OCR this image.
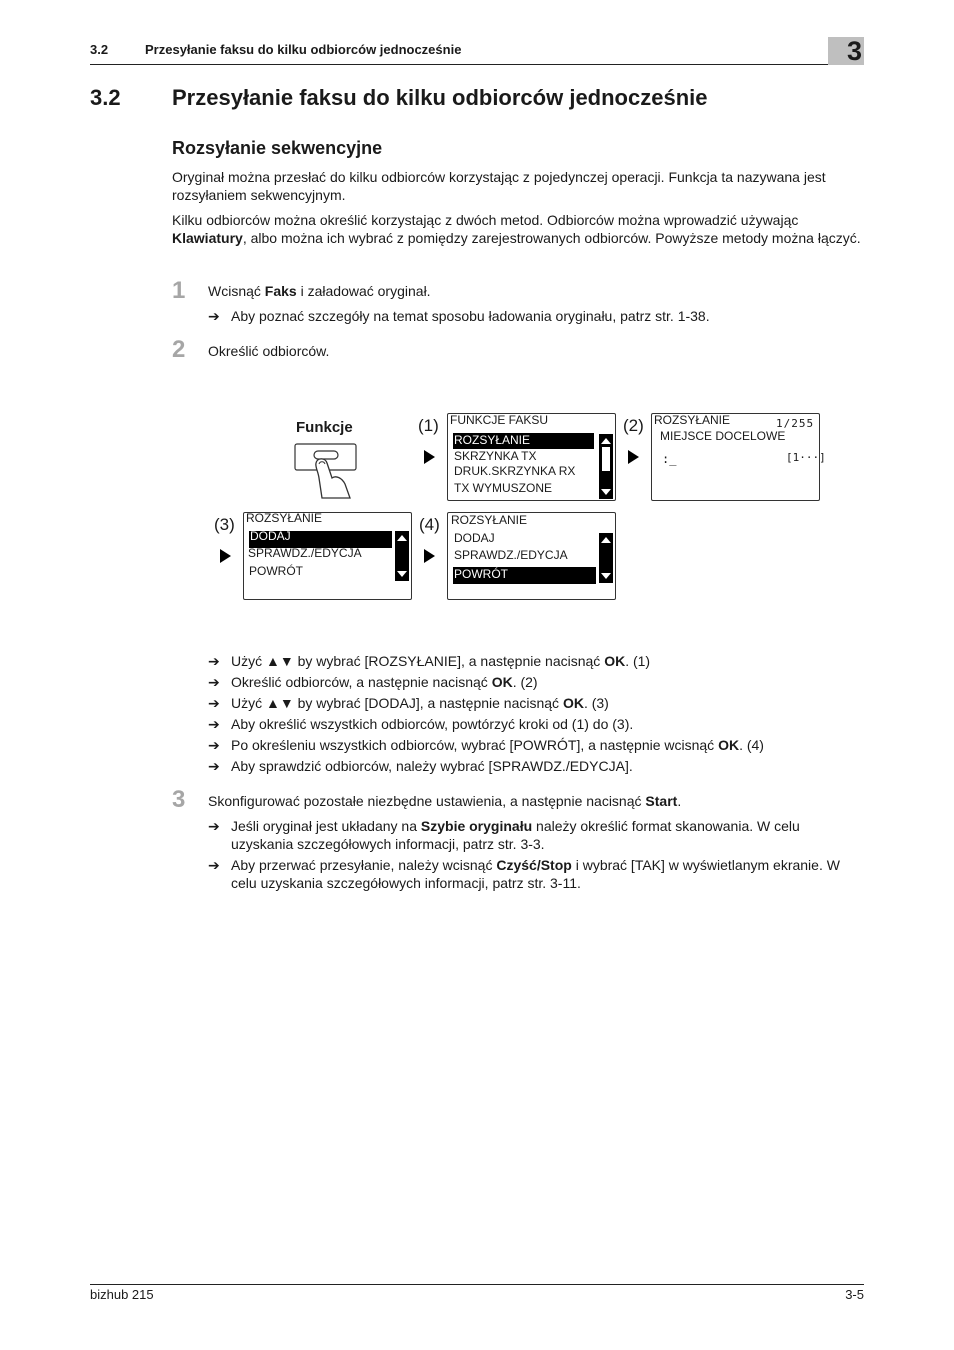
3.2	Przesyłanie faksu do kilku odbiorców jednocześnie	3
3.2 Przesyłanie faksu do kilku odbiorców jednocześnie
Rozsyłanie sekwencyjne
Oryginał można przesłać do kilku odbiorców korzystając z pojedynczej operacji. Funkcja ta nazywana jest rozsyłaniem sekwencyjnym.
Kilku odbiorców można określić korzystając z dwóch metod. Odbiorców można wprowadzić używając Klawiatury, albo można ich wybrać z pomiędzy zarejestrowanych odbiorców. Powyższe metody można łączyć.
1 Wcisnąć Faks i załadować oryginał.
➔ Aby poznać szczegóły na temat sposobu ładowania oryginału, patrz str. 1-38.
2 Określić odbiorców.
Funkcje	(1) FUNKCJE FAKSU
ROZSYŁANIE
SKRZYNKA TX
DRUK.SKRZYNKA RX
TX WYMUSZONE
(2) ROZSYŁANIE	1/255
MIEJSCE DOCELOWE
:_	[1···]
(3) ROZSYŁANIE
DODAJ
SPRAWDZ./EDYCJA
POWRÓT
(4) ROZSYŁANIE
DODAJ
SPRAWDZ./EDYCJA
POWRÓT
➔ Użyć ▲▼ by wybrać [ROZSYŁANIE], a następnie nacisnąć OK. (1)
➔ Określić odbiorców, a następnie nacisnąć OK. (2)
➔ Użyć ▲▼ by wybrać [DODAJ], a następnie nacisnąć OK. (3)
➔ Aby określić wszystkich odbiorców, powtórzyć kroki od (1) do (3).
➔ Po określeniu wszystkich odbiorców, wybrać [POWRÓT], a następnie wcisnąć OK. (4)
➔ Aby sprawdzić odbiorców, należy wybrać [SPRAWDZ./EDYCJA].
3 Skonfigurować pozostałe niezbędne ustawienia, a następnie nacisnąć Start.
➔ Jeśli oryginał jest układany na Szybie oryginału należy określić format skanowania. W celu uzyskania szczegółowych informacji, patrz str. 3-3.
➔ Aby przerwać przesyłanie, należy wcisnąć Czyść/Stop i wybrać [TAK] w wyświetlanym ekranie. W celu uzyskania szczegółowych informacji, patrz str. 3-11.
bizhub 215	3-5
